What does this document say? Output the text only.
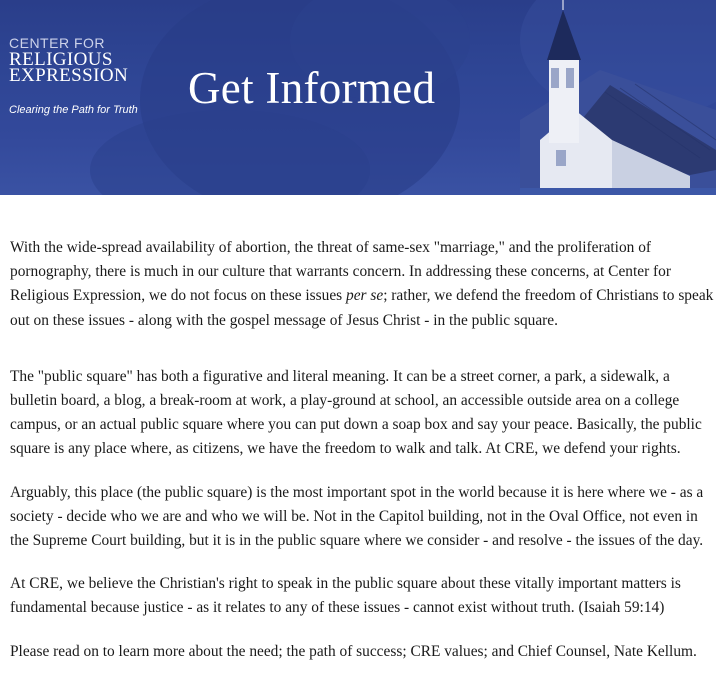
CENTER FOR
RELIGIOUS
EXPRESSION
Clearing the Path for Truth Get Informed

With the wide-spread availability of abortion, the threat of same-sex "marriage," and the proliferation of pornography, there is much in our culture that warrants concern. In addressing these concerns, at Center for Religious Expression, we do not focus on these issues per se; rather, we defend the freedom of Christians to speak out on these issues - along with the gospel message of Jesus Christ - in the public square.

The "public square" has both a figurative and literal meaning. It can be a street corner, a park, a sidewalk, a bulletin board, a blog, a break-room at work, a play-ground at school, an accessible outside area on a college campus, or an actual public square where you can put down a soap box and say your peace. Basically, the public square is any place where, as citizens, we have the freedom to walk and talk. At CRE, we defend your rights.

Arguably, this place (the public square) is the most important spot in the world because it is here where we - as a society - decide who we are and who we will be. Not in the Capitol building, not in the Oval Office, not even in the Supreme Court building, but it is in the public square where we consider - and resolve - the issues of the day.

At CRE, we believe the Christian's right to speak in the public square about these vitally important matters is fundamental because justice - as it relates to any of these issues - cannot exist without truth. (Isaiah 59:14)

Please read on to learn more about the need; the path of success; CRE values; and Chief Counsel, Nate Kellum.
